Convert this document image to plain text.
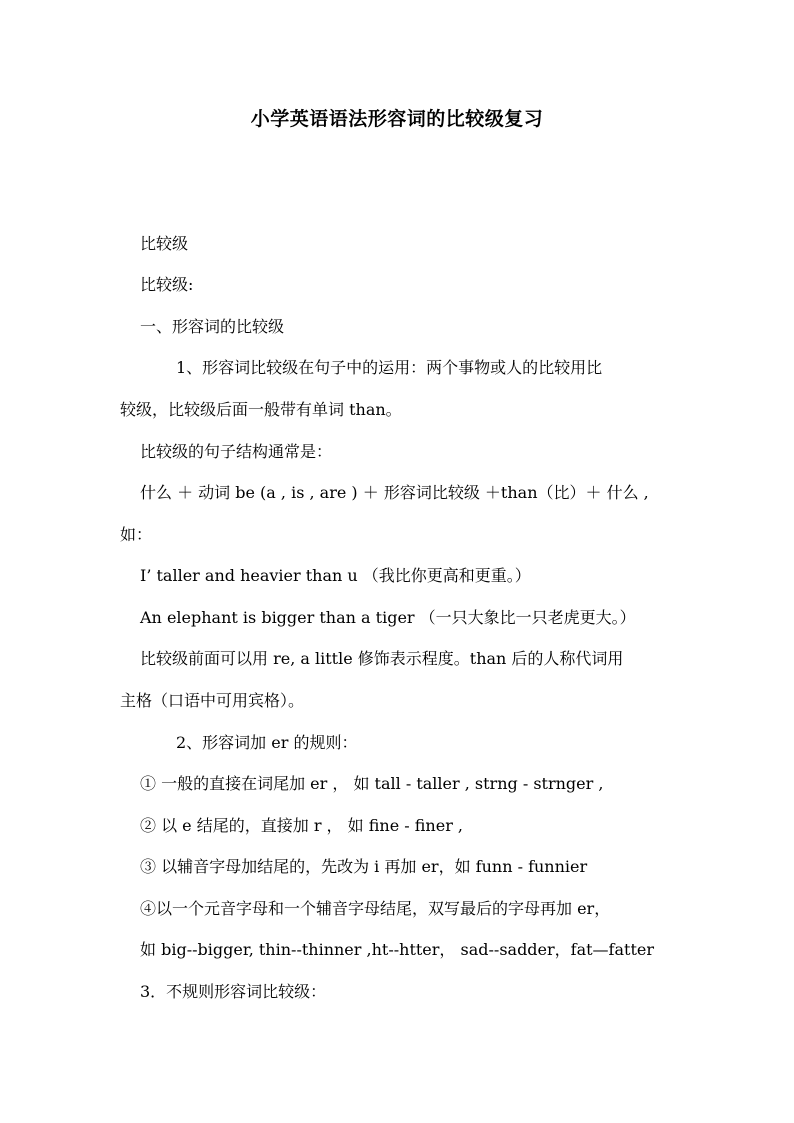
小学英语语法形容词的比较级复习
比较级
比较级:
一、形容词的比较级
1、形容词比较级在句子中的运用：两个事物或人的比较用比
较级，比较级后面一般带有单词 than。
比较级的句子结构通常是：
什么 ＋ 动词 be (a , is , are ) ＋ 形容词比较级 ＋than（比）＋ 什么 ,
如：
I’ taller and heavier than u （我比你更高和更重。）
An elephant is bigger than a tiger （一只大象比一只老虎更大。）
比较级前面可以用 re, a little 修饰表示程度。than 后的人称代词用
主格（口语中可用宾格）。
2、形容词加 er 的规则：
① 一般的直接在词尾加 er ， 如 tall - taller , strng - strnger ,
② 以 e 结尾的，直接加 r ， 如 fine - finer ,
③ 以辅音字母加结尾的，先改为 i 再加 er，如 funn - funnier
④以一个元音字母和一个辅音字母结尾，双写最后的字母再加 er，
如 big--bigger, thin--thinner ,ht--htter， sad--sadder，fat—fatter
3．不规则形容词比较级：
